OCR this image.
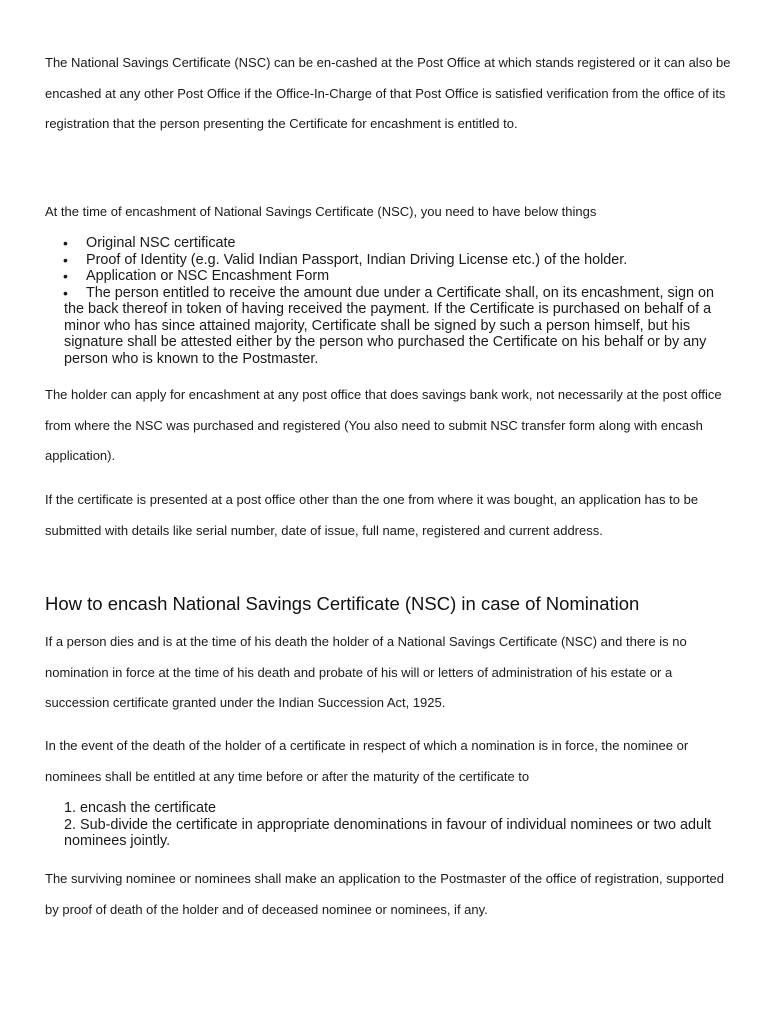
The National Savings Certificate (NSC) can be en-cashed at the Post Office at which stands registered or it can also be encashed at any other Post Office if the Office-In-Charge of that Post Office is satisfied verification from the office of its registration that the person presenting the Certificate for encashment is entitled to.

At the time of encashment of National Savings Certificate (NSC), you need to have below things

• Original NSC certificate
• Proof of Identity (e.g. Valid Indian Passport, Indian Driving License etc.) of the holder.
• Application or NSC Encashment Form
• The person entitled to receive the amount due under a Certificate shall, on its encashment, sign on the back thereof in token of having received the payment. If the Certificate is purchased on behalf of a minor who has since attained majority, Certificate shall be signed by such a person himself, but his signature shall be attested either by the person who purchased the Certificate on his behalf or by any person who is known to the Postmaster.

The holder can apply for encashment at any post office that does savings bank work, not necessarily at the post office from where the NSC was purchased and registered (You also need to submit NSC transfer form along with encash application).

If the certificate is presented at a post office other than the one from where it was bought, an application has to be submitted with details like serial number, date of issue, full name, registered and current address.

How to encash National Savings Certificate (NSC) in case of Nomination

If a person dies and is at the time of his death the holder of a National Savings Certificate (NSC) and there is no nomination in force at the time of his death and probate of his will or letters of administration of his estate or a succession certificate granted under the Indian Succession Act, 1925.

In the event of the death of the holder of a certificate in respect of which a nomination is in force, the nominee or nominees shall be entitled at any time before or after the maturity of the certificate to

1. encash the certificate
2. Sub-divide the certificate in appropriate denominations in favour of individual nominees or two adult nominees jointly.

The surviving nominee or nominees shall make an application to the Postmaster of the office of registration, supported by proof of death of the holder and of deceased nominee or nominees, if any.
